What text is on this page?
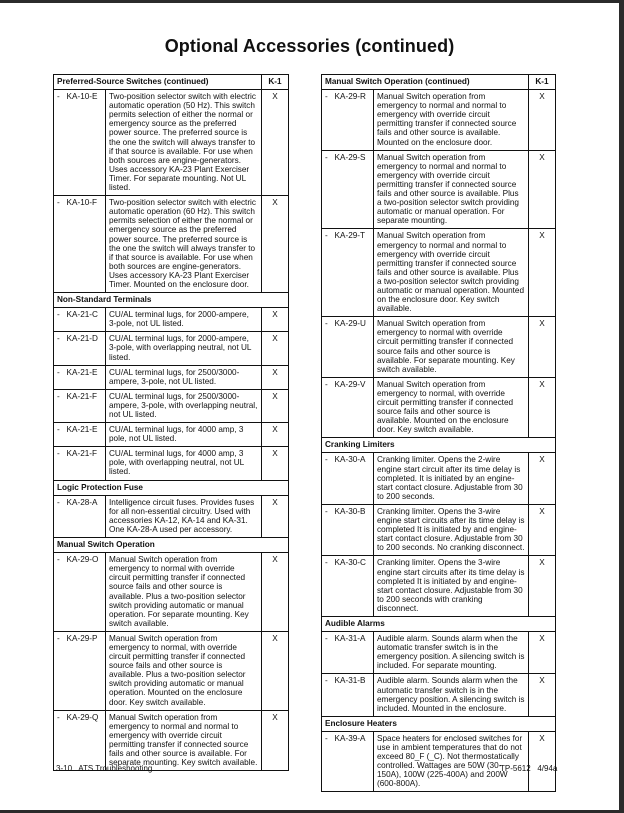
Optional Accessories (continued)
Preferred-Source Switches (continued)		K-1
-   KA-10-E	Two-position selector switch with electric automatic operation (50 Hz). This switch permits selection of either the normal or emergency source as the preferred power source. The preferred source is the one the switch will always transfer to if that source is available. For use when both sources are engine-generators. Uses accessory KA-23 Plant Exerciser Timer. For separate mounting. Not UL listed.	X
-   KA-10-F	Two-position selector switch with electric automatic operation (60 Hz). This switch permits selection of either the normal or emergency source as the preferred power source. The preferred source is the one the switch will always transfer to if that source is available. For use when both sources are engine-generators. Uses accessory KA-23 Plant Exerciser Timer. Mounted on the enclosure door.	X
Non-Standard Terminals		
-   KA-21-C	CU/AL terminal lugs, for 2000-ampere, 3-pole, not UL listed.	X
-   KA-21-D	CU/AL terminal lugs, for 2000-ampere, 3-pole, with overlapping neutral, not UL listed.	X
-   KA-21-E	CU/AL terminal lugs, for 2500/3000-ampere, 3-pole, not UL listed.	X
-   KA-21-F	CU/AL terminal lugs, for 2500/3000-ampere, 3-pole, with overlapping neutral, not UL listed.	X
-   KA-21-E	CU/AL terminal lugs, for 4000 amp, 3 pole, not UL listed.	X
-   KA-21-F	CU/AL terminal lugs, for 4000 amp, 3 pole, with overlapping neutral, not UL listed.	X
Logic Protection Fuse		
-   KA-28-A	Intelligence circuit fuses. Provides fuses for all non-essential circuitry. Used with accessories KA-12, KA-14 and KA-31. One KA-28-A used per accessory.	X
Manual Switch Operation		
-   KA-29-O	Manual Switch operation from emergency to normal with override circuit permitting transfer if connected source fails and other source is available. Plus a two-position selector switch providing automatic or manual operation. For separate mounting. Key switch available.	X
-   KA-29-P	Manual Switch operation from emergency to normal, with override circuit permitting transfer if connected source fails and other source is available. Plus a two-position selector switch providing automatic or manual operation. Mounted on the enclosure door. Key switch available.	X
-   KA-29-Q	Manual Switch operation from emergency to normal and normal to emergency with override circuit permitting transfer if connected source fails and other source is available. For separate mounting. Key switch available.	X
Manual Switch Operation (continued)		K-1
-   KA-29-R	Manual Switch operation from emergency to normal and normal to emergency with override circuit permitting transfer if connected source fails and other source is available. Mounted on the enclosure door.	X
-   KA-29-S	Manual Switch operation from emergency to normal and normal to emergency with override circuit permitting transfer if connected source fails and other source is available. Plus a two-position selector switch providing automatic or manual operation. For separate mounting.	X
-   KA-29-T	Manual Switch operation from emergency to normal and normal to emergency with override circuit permitting transfer if connected source fails and other source is available. Plus a two-position selector switch providing automatic or manual operation. Mounted on the enclosure door. Key switch available.	X
-   KA-29-U	Manual Switch operation from emergency to normal with override circuit permitting transfer if connected source fails and other source is available. For separate mounting. Key switch available.	X
-   KA-29-V	Manual Switch operation from emergency to normal, with override circuit permitting transfer if connected source fails and other source is available. Mounted on the enclosure door. Key switch available.	X
Cranking Limiters		
-   KA-30-A	Cranking limiter. Opens the 2-wire engine start circuit after its time delay is completed. It is initiated by an engine-start contact closure. Adjustable from 30 to 200 seconds.	X
-   KA-30-B	Cranking limiter. Opens the 3-wire engine start circuits after its time delay is completed It is initiated by and engine-start contact closure. Adjustable from 30 to 200 seconds. No cranking disconnect.	X
-   KA-30-C	Cranking limiter. Opens the 3-wire engine start circuits after its time delay is completed It is initiated by and engine-start contact closure. Adjustable from 30 to 200 seconds with cranking disconnect.	X
Audible Alarms		
-   KA-31-A	Audible alarm. Sounds alarm when the automatic transfer switch is in the emergency position. A silencing switch is included. For separate mounting.	X
-   KA-31-B	Audible alarm. Sounds alarm when the automatic transfer switch is in the emergency position. A silencing switch is included. Mounted in the enclosure.	X
Enclosure Heaters		
-   KA-39-A	Space heaters for enclosed switches for use in ambient temperatures that do not exceed 80_F (_C). Not thermostatically controlled. Wattages are 50W (30-150A), 100W (225-400A) and 200W (600-800A).	X
3-10   ATS Troubleshooting	TP-5612   4/94a
